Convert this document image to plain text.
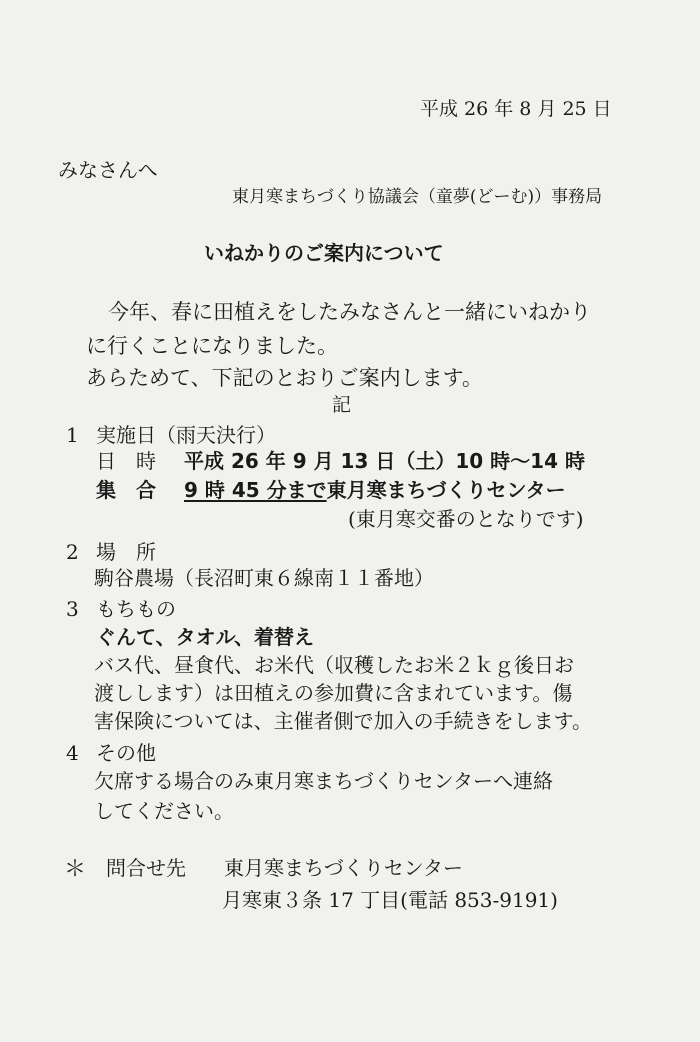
平成 26 年 8 月 25 日
みなさんへ
東月寒まちづくり協議会（童夢(どーむ)）事務局
いねかりのご案内について
今年、春に田植えをしたみなさんと一緒にいねかり
に行くことになりました。
あらためて、下記のとおりご案内します。
記
1 実施日（雨天決行）
日　時 平成 26 年 9 月 13 日（土）10 時～14 時
集　合 9 時 45 分まで東月寒まちづくりセンター
(東月寒交番のとなりです)
2 場　所
駒谷農場（長沼町東６線南１１番地）
3 もちもの
ぐんて、タオル、着替え
バス代、昼食代、お米代（収穫したお米２ｋｇ後日お
渡しします）は田植えの参加費に含まれています。傷
害保険については、主催者側で加入の手続きをします。
4 その他
欠席する場合のみ東月寒まちづくりセンターへ連絡
してください。
＊ 問合せ先 東月寒まちづくりセンター
月寒東３条 17 丁目(電話 853-9191)
